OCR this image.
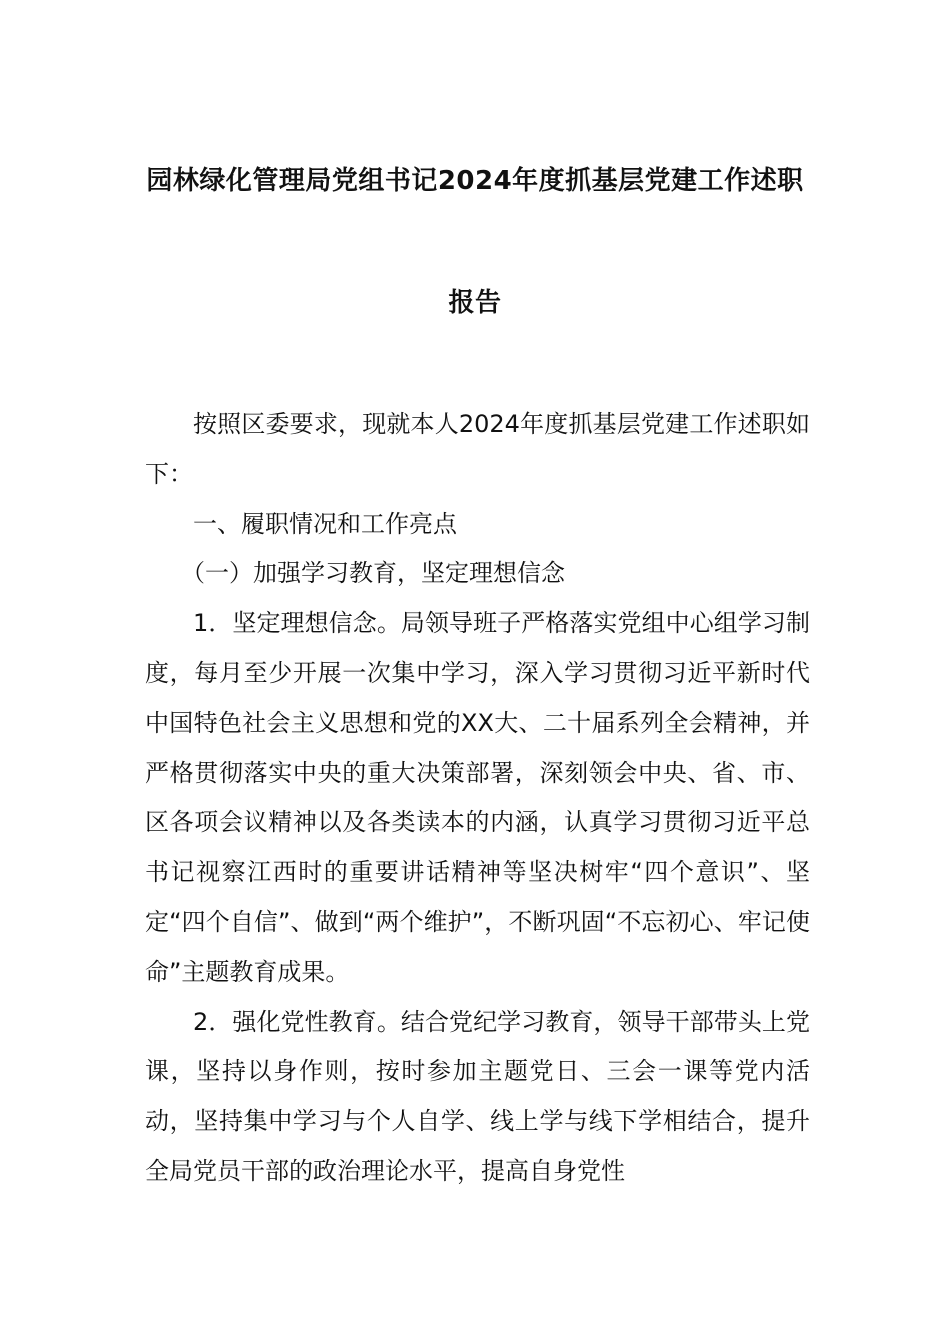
园林绿化管理局党组书记2024年度抓基层党建工作述职
报告

按照区委要求，现就本人2024年度抓基层党建工作述职如下：

一、履职情况和工作亮点

（一）加强学习教育，坚定理想信念

1．坚定理想信念。局领导班子严格落实党组中心组学习制度，每月至少开展一次集中学习，深入学习贯彻习近平新时代中国特色社会主义思想和党的XX大、二十届系列全会精神，并严格贯彻落实中央的重大决策部署，深刻领会中央、省、市、区各项会议精神以及各类读本的内涵，认真学习贯彻习近平总书记视察江西时的重要讲话精神等坚决树牢“四个意识”、坚定“四个自信”、做到“两个维护”，不断巩固“不忘初心、牢记使命”主题教育成果。

2．强化党性教育。结合党纪学习教育，领导干部带头上党课，坚持以身作则，按时参加主题党日、三会一课等党内活动，坚持集中学习与个人自学、线上学与线下学相结合，提升全局党员干部的政治理论水平，提高自身党性
